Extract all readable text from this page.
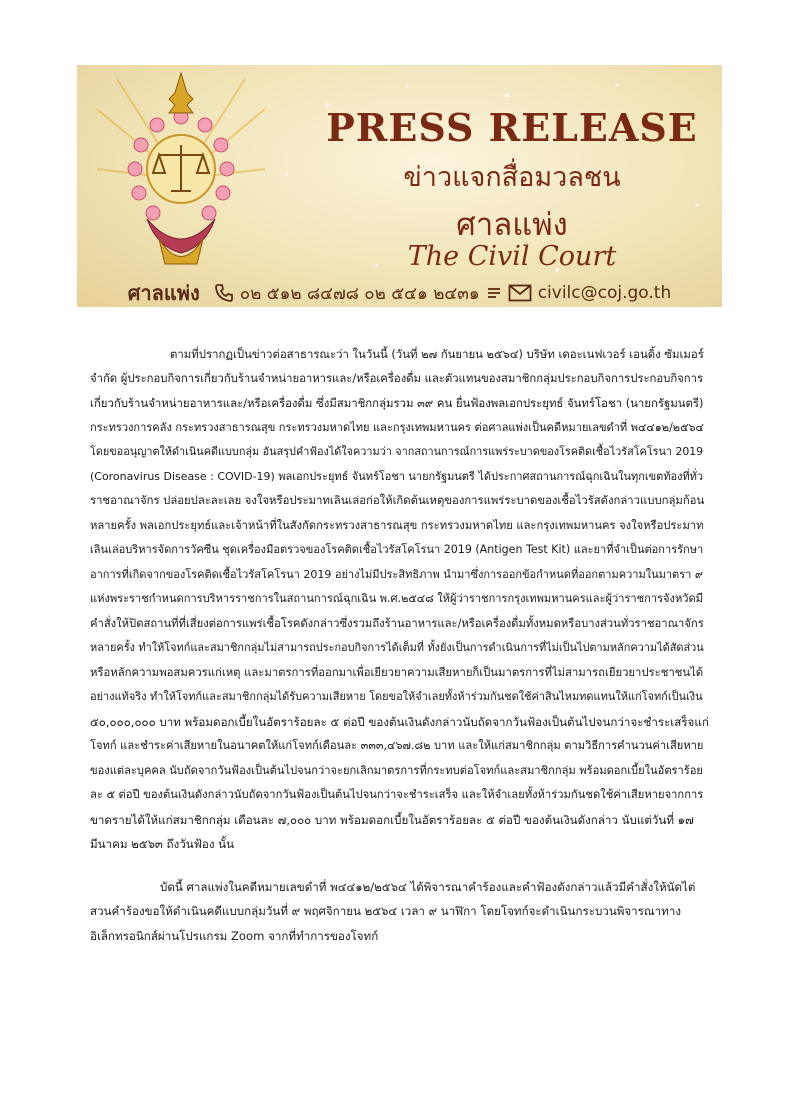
PRESS RELEASE
ข่าวแจกสื่อมวลชน
ศาลแพ่ง
The Civil Court
ศาลแพ่ง ๐๒ ๕๑๒ ๘๔๗๘ ๐๒ ๕๔๑ ๒๔๓๑	civilc@coj.go.th

ตามที่ปรากฏเป็นข่าวต่อสาธารณะว่า ในวันนี้ (วันที่ ๒๗ กันยายน ๒๕๖๔) บริษัท เดอะเนฟเวอร์ เอนดิ้ง ซัมเมอร์
จำกัด ผู้ประกอบกิจการเกี่ยวกับร้านจำหน่ายอาหารและ/หรือเครื่องดื่ม และตัวแทนของสมาชิกกลุ่มประกอบกิจการประกอบกิจการ
เกี่ยวกับร้านจำหน่ายอาหารและ/หรือเครื่องดื่ม ซึ่งมีสมาชิกกลุ่มรวม ๓๙ คน ยื่นฟ้องพลเอกประยุทธ์ จันทร์โอชา (นายกรัฐมนตรี)
กระทรวงการคลัง กระทรวงสาธารณสุข กระทรวงมหาดไทย และกรุงเทพมหานคร ต่อศาลแพ่งเป็นคดีหมายเลขดำที่ พ๔๔๑๒/๒๕๖๔
โดยขออนุญาตให้ดำเนินคดีแบบกลุ่ม อันสรุปคำฟ้องได้ใจความว่า จากสถานการณ์การแพร่ระบาดของโรคติดเชื้อไวรัสโคโรนา 2019
(Coronavirus Disease : COVID-19) พลเอกประยุทธ์ จันทร์โอชา นายกรัฐมนตรี ได้ประกาศสถานการณ์ฉุกเฉินในทุกเขตท้องที่ทั่ว
ราชอาณาจักร ปล่อยปละละเลย จงใจหรือประมาทเลินเล่อก่อให้เกิดต้นเหตุของการแพร่ระบาดของเชื้อไวรัสดังกล่าวแบบกลุ่มก้อน
หลายครั้ง พลเอกประยุทธ์และเจ้าหน้าที่ในสังกัดกระทรวงสาธารณสุข กระทรวงมหาดไทย และกรุงเทพมหานคร จงใจหรือประมาท
เลินเล่อบริหารจัดการวัคซีน ชุดเครื่องมือตรวจของโรคติดเชื้อไวรัสโคโรนา 2019 (Antigen Test Kit) และยาที่จำเป็นต่อการรักษา
อาการที่เกิดจากของโรคติดเชื้อไวรัสโคโรนา 2019 อย่างไม่มีประสิทธิภาพ นำมาซึ่งการออกข้อกำหนดที่ออกตามความในมาตรา ๙
แห่งพระราชกำหนดการบริหารราชการในสถานการณ์ฉุกเฉิน พ.ศ.๒๕๔๘ ให้ผู้ว่าราชการกรุงเทพมหานครและผู้ว่าราชการจังหวัดมี
คำสั่งให้ปิดสถานที่ที่เสี่ยงต่อการแพร่เชื้อโรคดังกล่าวซึ่งรวมถึงร้านอาหารและ/หรือเครื่องดื่มทั้งหมดหรือบางส่วนทั่วราชอาณาจักร
หลายครั้ง ทำให้โจทก์และสมาชิกกลุ่มไม่สามารถประกอบกิจการได้เต็มที่ ทั้งยังเป็นการดำเนินการที่ไม่เป็นไปตามหลักความได้สัดส่วน
หรือหลักความพอสมควรแก่เหตุ และมาตรการที่ออกมาเพื่อเยียวยาความเสียหายก็เป็นมาตรการที่ไม่สามารถเยียวยาประชาชนได้
อย่างแท้จริง ทำให้โจทก์และสมาชิกกลุ่มได้รับความเสียหาย โดยขอให้จำเลยทั้งห้าร่วมกันชดใช้ค่าสินไหมทดแทนให้แก่โจทก์เป็นเงิน
๕๐,๐๐๐,๐๐๐ บาท พร้อมดอกเบี้ยในอัตราร้อยละ ๕ ต่อปี ของต้นเงินดังกล่าวนับถัดจากวันฟ้องเป็นต้นไปจนกว่าจะชำระเสร็จแก่
โจทก์ และชำระค่าเสียหายในอนาคตให้แก่โจทก์เดือนละ ๓๓๓,๔๖๗.๘๒ บาท และให้แก่สมาชิกกลุ่ม ตามวิธีการคำนวนค่าเสียหาย
ของแต่ละบุคคล นับถัดจากวันฟ้องเป็นต้นไปจนกว่าจะยกเลิกมาตรการที่กระทบต่อโจทก์และสมาชิกกลุ่ม พร้อมดอกเบี้ยในอัตราร้อย
ละ ๕ ต่อปี ของต้นเงินดังกล่าวนับถัดจากวันฟ้องเป็นต้นไปจนกว่าจะชำระเสร็จ และให้จำเลยทั้งห้าร่วมกันชดใช้ค่าเสียหายจากการ
ขาดรายได้ให้แก่สมาชิกกลุ่ม เดือนละ ๗,๐๐๐ บาท พร้อมดอกเบี้ยในอัตราร้อยละ ๕ ต่อปี ของต้นเงินดังกล่าว นับแต่วันที่ ๑๗
มีนาคม ๒๕๖๓ ถึงวันฟ้อง นั้น

บัดนี้ ศาลแพ่งในคดีหมายเลขดำที่ พ๔๔๑๒/๒๕๖๔ ได้พิจารณาคำร้องและคำฟ้องดังกล่าวแล้วมีคำสั่งให้นัดไต่
สวนคำร้องขอให้ดำเนินคดีแบบกลุ่มวันที่ ๙ พฤศจิกายน ๒๕๖๔ เวลา ๙ นาฬิกา โดยโจทก์จะดำเนินกระบวนพิจารณาทาง
อิเล็กทรอนิกส์ผ่านโปรแกรม Zoom จากที่ทำการของโจทก์
